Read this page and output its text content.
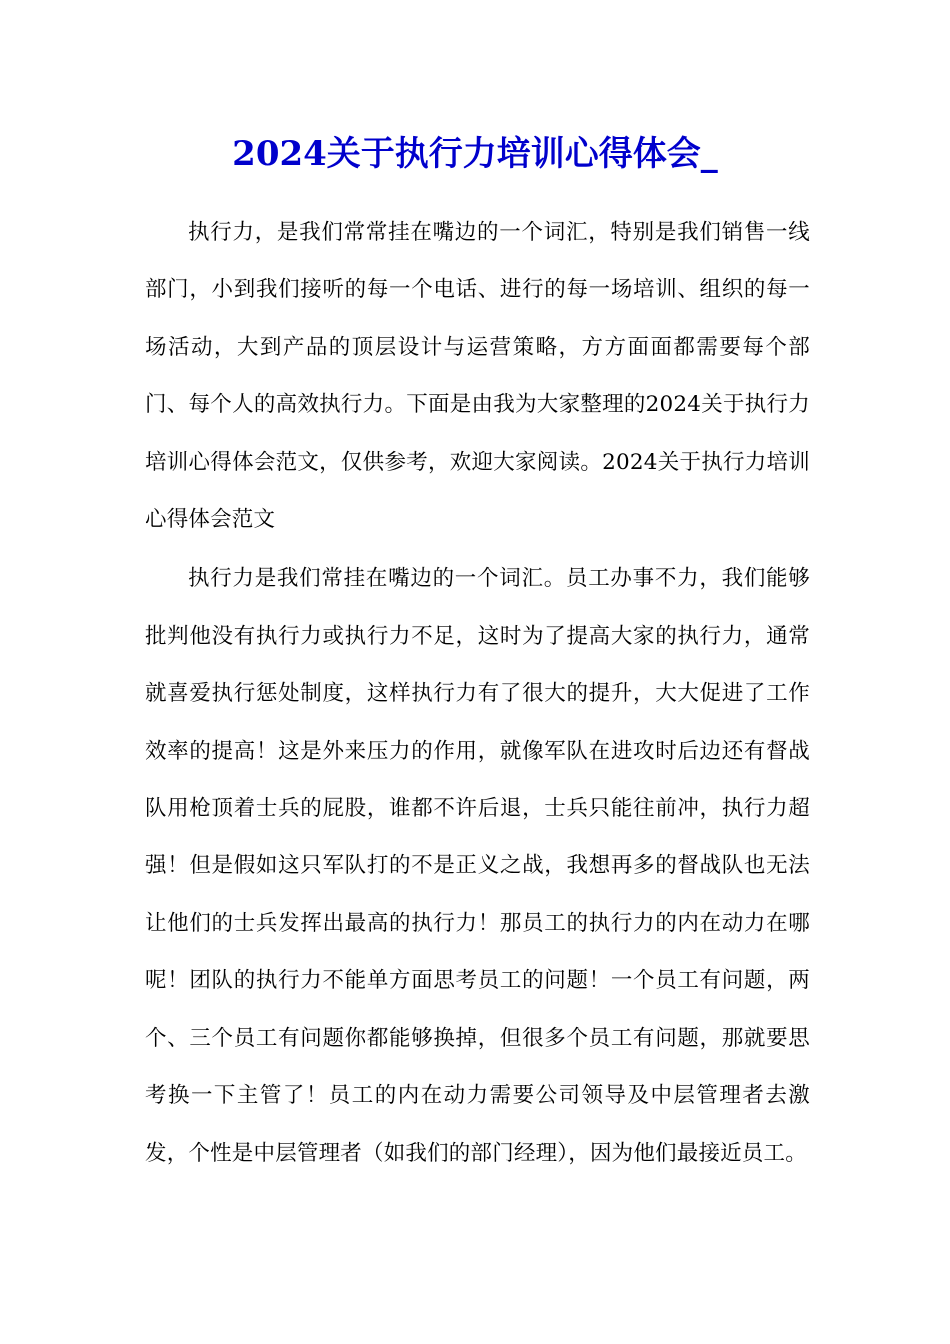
2024关于执行力培训心得体会_

执行力，是我们常常挂在嘴边的一个词汇，特别是我们销售一线部门，小到我们接听的每一个电话、进行的每一场培训、组织的每一场活动，大到产品的顶层设计与运营策略，方方面面都需要每个部门、每个人的高效执行力。下面是由我为大家整理的2024关于执行力培训心得体会范文，仅供参考，欢迎大家阅读。2024关于执行力培训心得体会范文

执行力是我们常挂在嘴边的一个词汇。员工办事不力，我们能够批判他没有执行力或执行力不足，这时为了提高大家的执行力，通常就喜爱执行惩处制度，这样执行力有了很大的提升，大大促进了工作效率的提高！这是外来压力的作用，就像军队在进攻时后边还有督战队用枪顶着士兵的屁股，谁都不许后退，士兵只能往前冲，执行力超强！但是假如这只军队打的不是正义之战，我想再多的督战队也无法让他们的士兵发挥出最高的执行力！那员工的执行力的内在动力在哪呢！团队的执行力不能单方面思考员工的问题！一个员工有问题，两个、三个员工有问题你都能够换掉，但很多个员工有问题，那就要思考换一下主管了！员工的内在动力需要公司领导及中层管理者去激发，个性是中层管理者（如我们的部门经理），因为他们最接近员工。
